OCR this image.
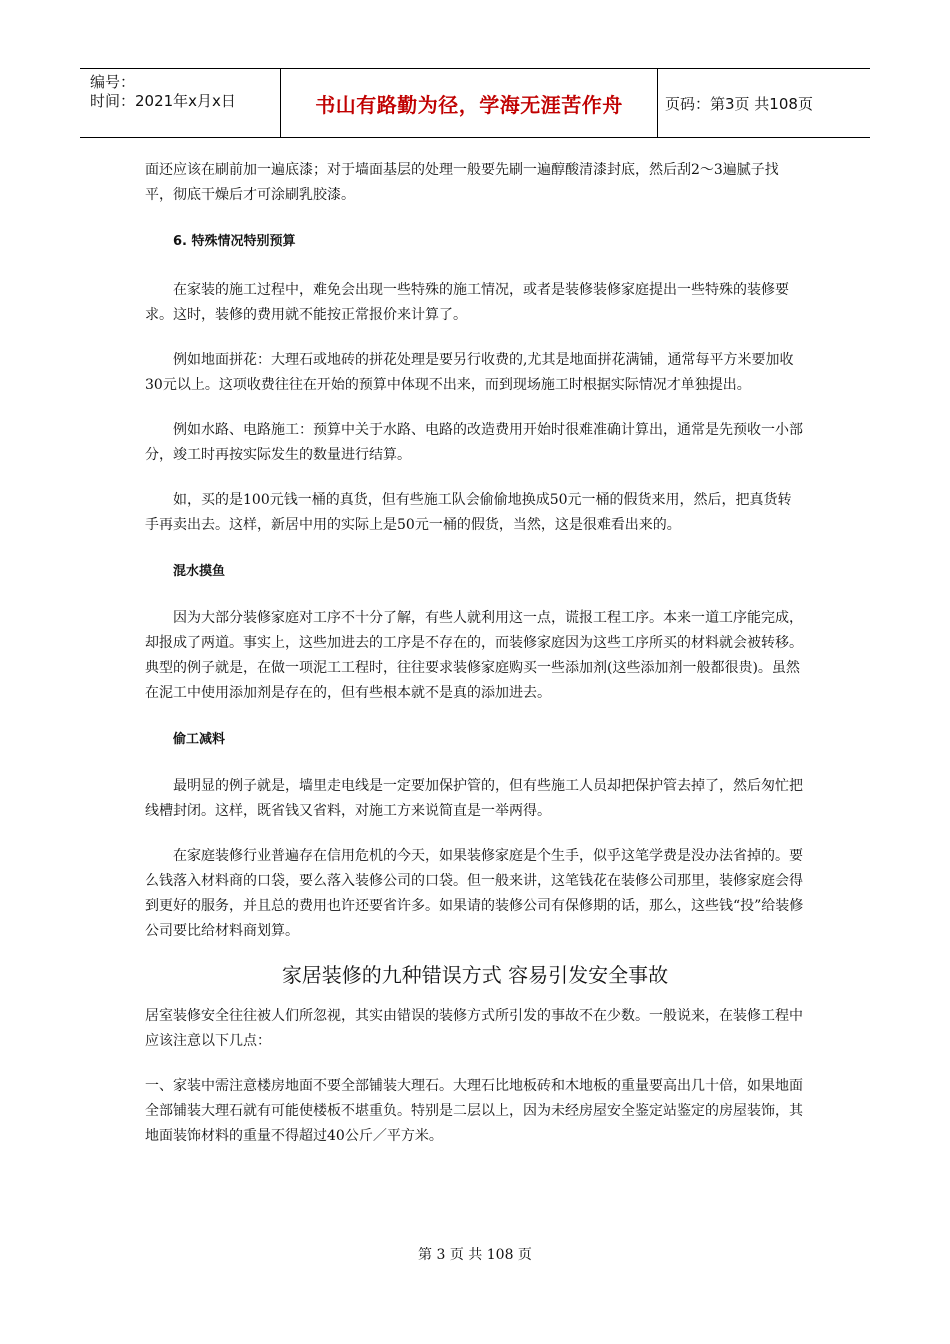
编号：
时间：2021年x月x日	书山有路勤为径，学海无涯苦作舟	页码：第3页 共108页

面还应该在刷前加一遍底漆；对于墙面基层的处理一般要先刷一遍醇酸清漆封底，然后刮2～3遍腻子找平，彻底干燥后才可涂刷乳胶漆。

6. 特殊情况特别预算

在家装的施工过程中，难免会出现一些特殊的施工情况，或者是装修装修家庭提出一些特殊的装修要求。这时，装修的费用就不能按正常报价来计算了。

例如地面拼花：大理石或地砖的拼花处理是要另行收费的,尤其是地面拼花满铺，通常每平方米要加收30元以上。这项收费往往在开始的预算中体现不出来，而到现场施工时根据实际情况才单独提出。

例如水路、电路施工：预算中关于水路、电路的改造费用开始时很难准确计算出，通常是先预收一小部分，竣工时再按实际发生的数量进行结算。

如，买的是100元钱一桶的真货，但有些施工队会偷偷地换成50元一桶的假货来用，然后，把真货转手再卖出去。这样，新居中用的实际上是50元一桶的假货，当然，这是很难看出来的。

混水摸鱼

因为大部分装修家庭对工序不十分了解，有些人就利用这一点，谎报工程工序。本来一道工序能完成，却报成了两道。事实上，这些加进去的工序是不存在的，而装修家庭因为这些工序所买的材料就会被转移。典型的例子就是，在做一项泥工工程时，往往要求装修家庭购买一些添加剂(这些添加剂一般都很贵)。虽然在泥工中使用添加剂是存在的，但有些根本就不是真的添加进去。

偷工减料

最明显的例子就是，墙里走电线是一定要加保护管的，但有些施工人员却把保护管去掉了，然后匆忙把线槽封闭。这样，既省钱又省料，对施工方来说简直是一举两得。

在家庭装修行业普遍存在信用危机的今天，如果装修家庭是个生手，似乎这笔学费是没办法省掉的。要么钱落入材料商的口袋，要么落入装修公司的口袋。但一般来讲，这笔钱花在装修公司那里，装修家庭会得到更好的服务，并且总的费用也许还要省许多。如果请的装修公司有保修期的话，那么，这些钱“投”给装修公司要比给材料商划算。

家居装修的九种错误方式 容易引发安全事故

居室装修安全往往被人们所忽视，其实由错误的装修方式所引发的事故不在少数。一般说来，在装修工程中应该注意以下几点：

一、家装中需注意楼房地面不要全部铺装大理石。大理石比地板砖和木地板的重量要高出几十倍，如果地面全部铺装大理石就有可能使楼板不堪重负。特别是二层以上，因为未经房屋安全鉴定站鉴定的房屋装饰，其地面装饰材料的重量不得超过40公斤／平方米。

第 3 页 共 108 页
